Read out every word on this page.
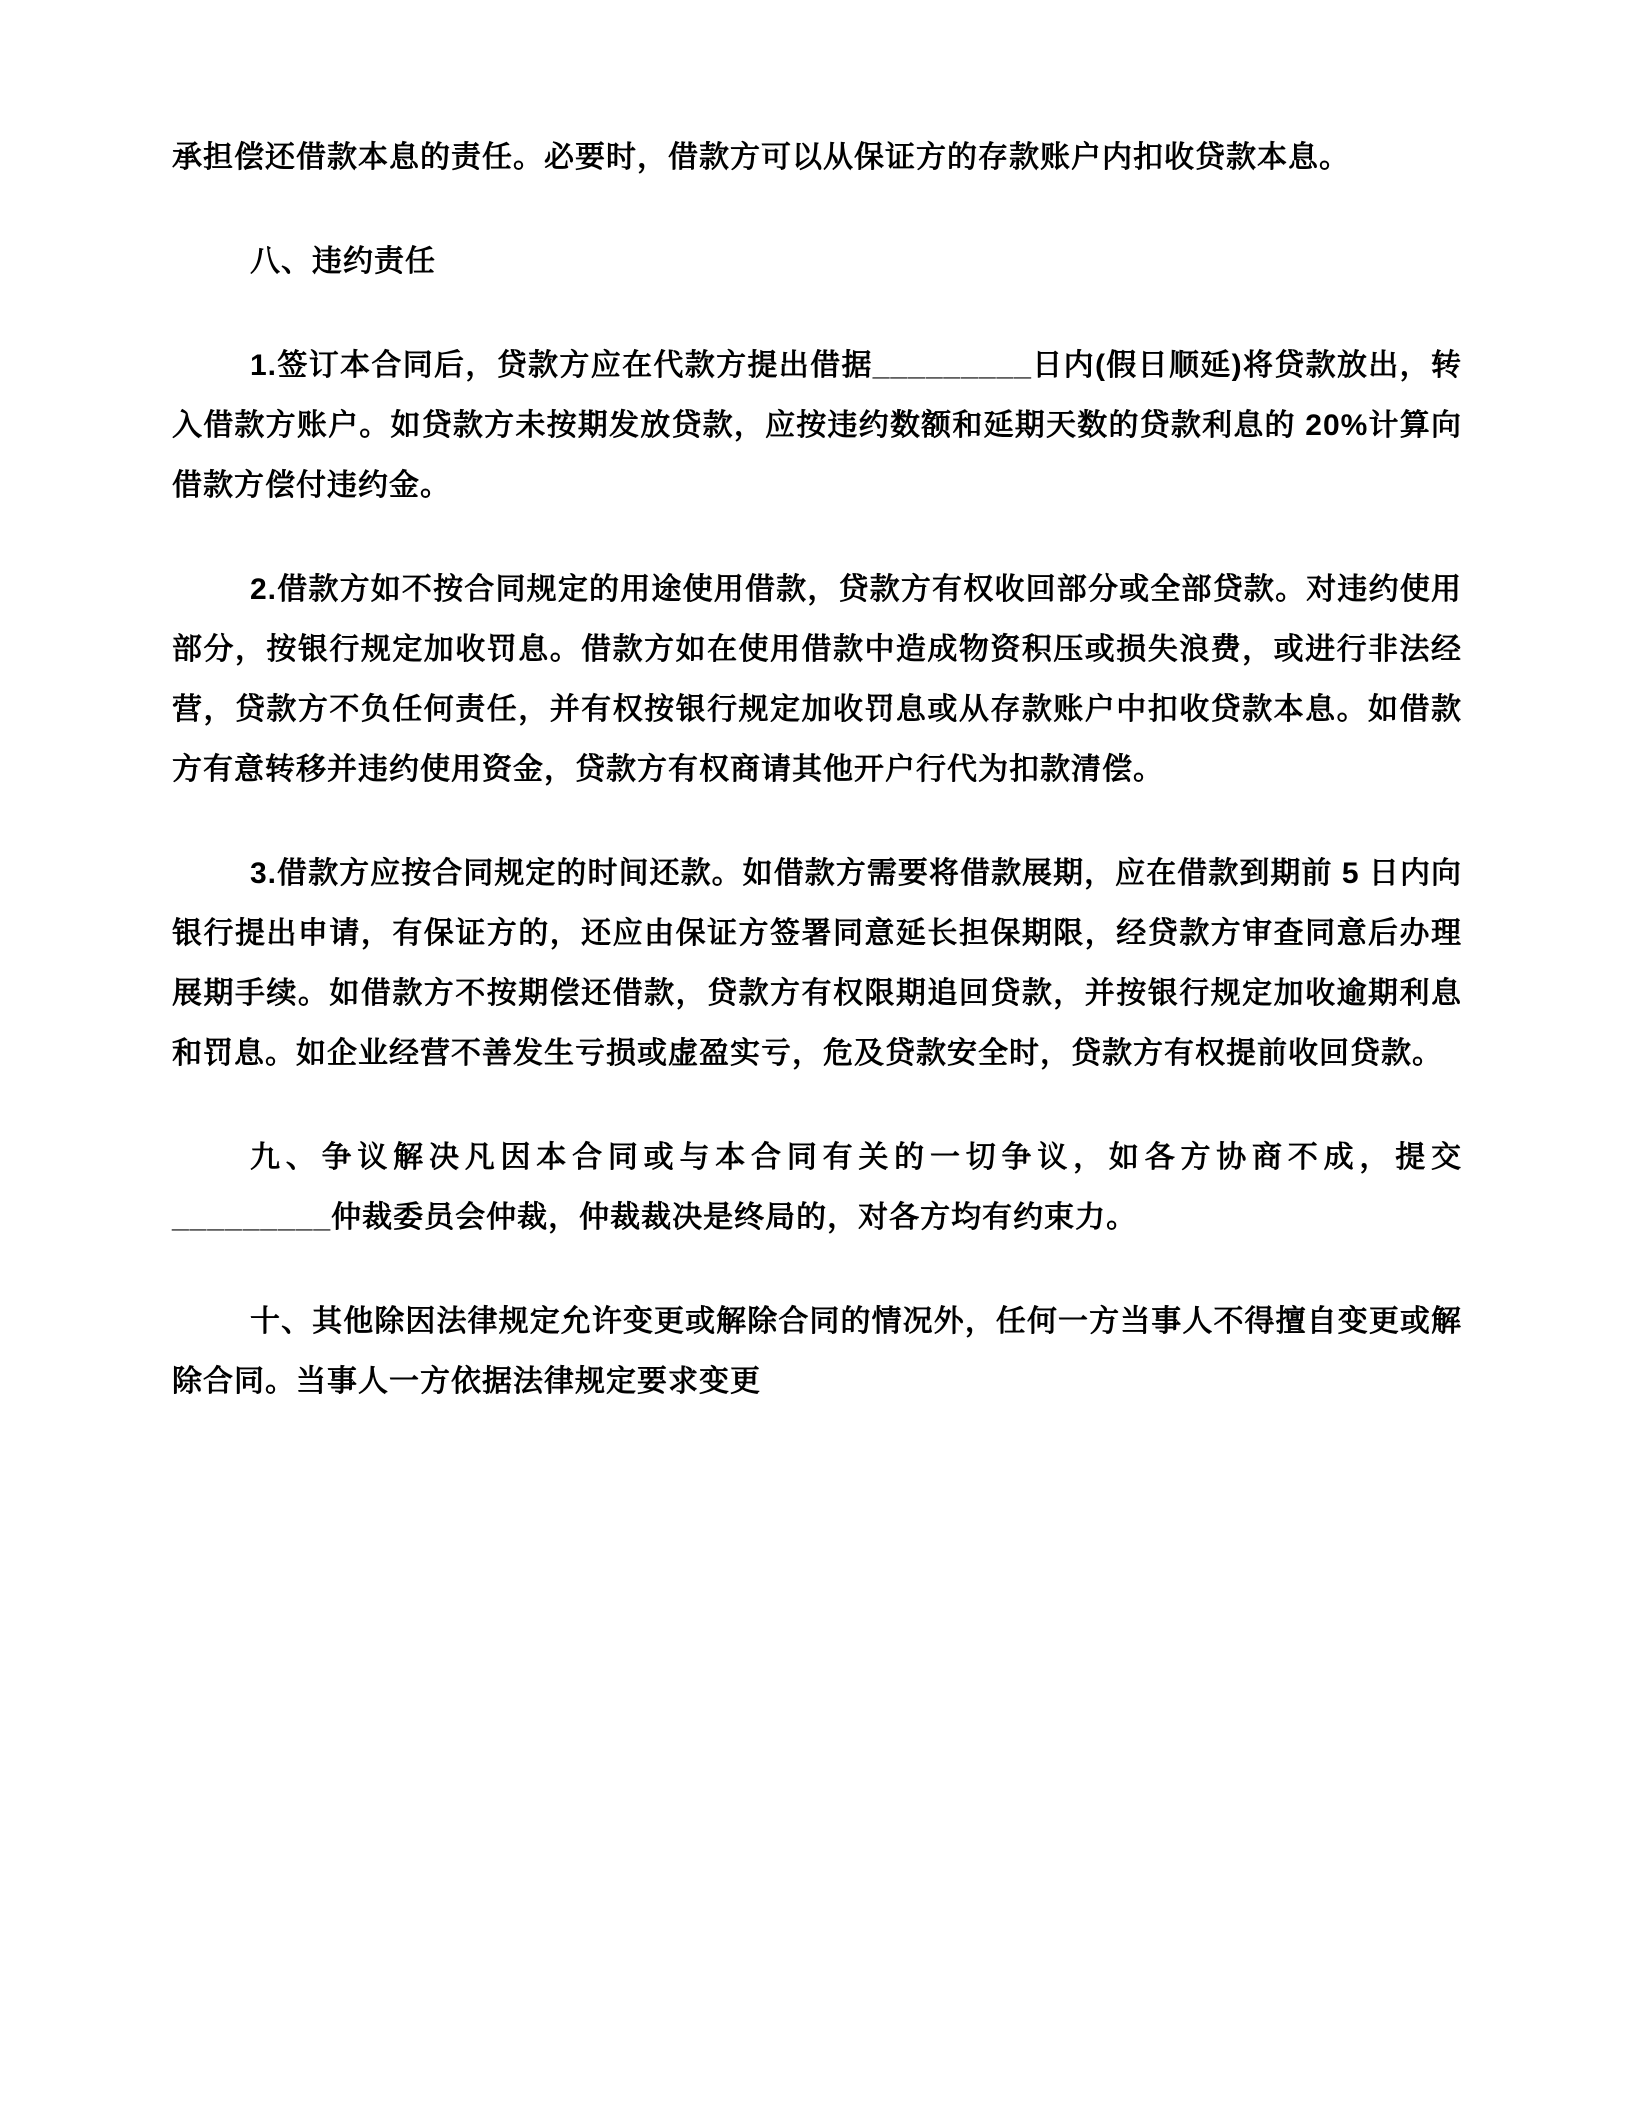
承担偿还借款本息的责任。必要时，借款方可以从保证方的存款账户内扣收贷款本息。

八、违约责任

1.签订本合同后，贷款方应在代款方提出借据_________日内(假日顺延)将贷款放出，转入借款方账户。如贷款方未按期发放贷款，应按违约数额和延期天数的贷款利息的 20%计算向借款方偿付违约金。

2.借款方如不按合同规定的用途使用借款，贷款方有权收回部分或全部贷款。对违约使用部分，按银行规定加收罚息。借款方如在使用借款中造成物资积压或损失浪费，或进行非法经营，贷款方不负任何责任，并有权按银行规定加收罚息或从存款账户中扣收贷款本息。如借款方有意转移并违约使用资金，贷款方有权商请其他开户行代为扣款清偿。

3.借款方应按合同规定的时间还款。如借款方需要将借款展期，应在借款到期前 5 日内向银行提出申请，有保证方的，还应由保证方签署同意延长担保期限，经贷款方审查同意后办理展期手续。如借款方不按期偿还借款，贷款方有权限期追回贷款，并按银行规定加收逾期利息和罚息。如企业经营不善发生亏损或虚盈实亏，危及贷款安全时，贷款方有权提前收回贷款。

九、争议解决凡因本合同或与本合同有关的一切争议，如各方协商不成，提交_________仲裁委员会仲裁，仲裁裁决是终局的，对各方均有约束力。

十、其他除因法律规定允许变更或解除合同的情况外，任何一方当事人不得擅自变更或解除合同。当事人一方依据法律规定要求变更
